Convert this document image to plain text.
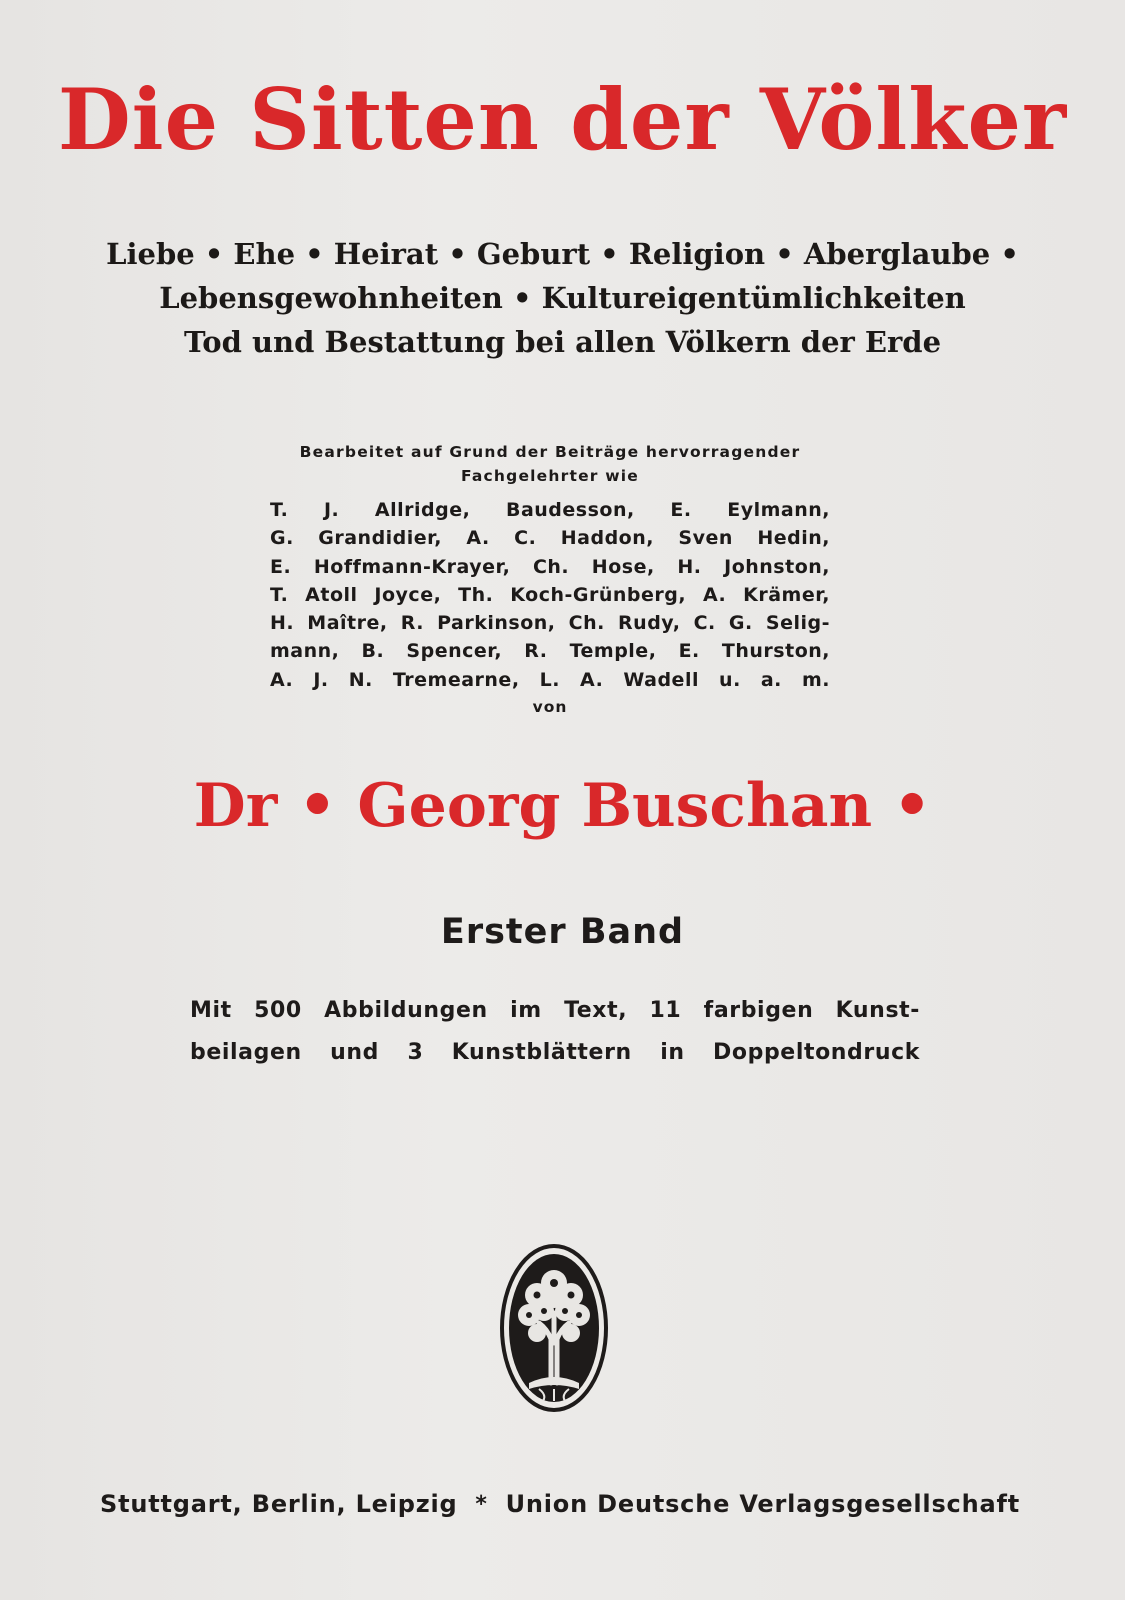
Die Sitten der Völker
Liebe • Ehe • Heirat • Geburt • Religion • Aberglaube •
Lebensgewohnheiten • Kultureigentümlichkeiten
Tod und Bestattung bei allen Völkern der Erde
Bearbeitet auf Grund der Beiträge hervorragender
Fachgelehrter wie
T. J. Allridge, Baudesson, E. Eylmann,
G. Grandidier, A. C. Haddon, Sven Hedin,
E. Hoffmann-Krayer, Ch. Hose, H. Johnston,
T. Atoll Joyce, Th. Koch-Grünberg, A. Krämer,
H. Maître, R. Parkinson, Ch. Rudy, C. G. Selig-
mann, B. Spencer, R. Temple, E. Thurston,
A. J. N. Tremearne, L. A. Wadell u. a. m.
von
Dr • Georg Buschan •
Erster Band
Mit 500 Abbildungen im Text, 11 farbigen Kunst-
beilagen und 3 Kunstblättern in Doppeltondruck
Stuttgart, Berlin, Leipzig * Union Deutsche Verlagsgesellschaft
